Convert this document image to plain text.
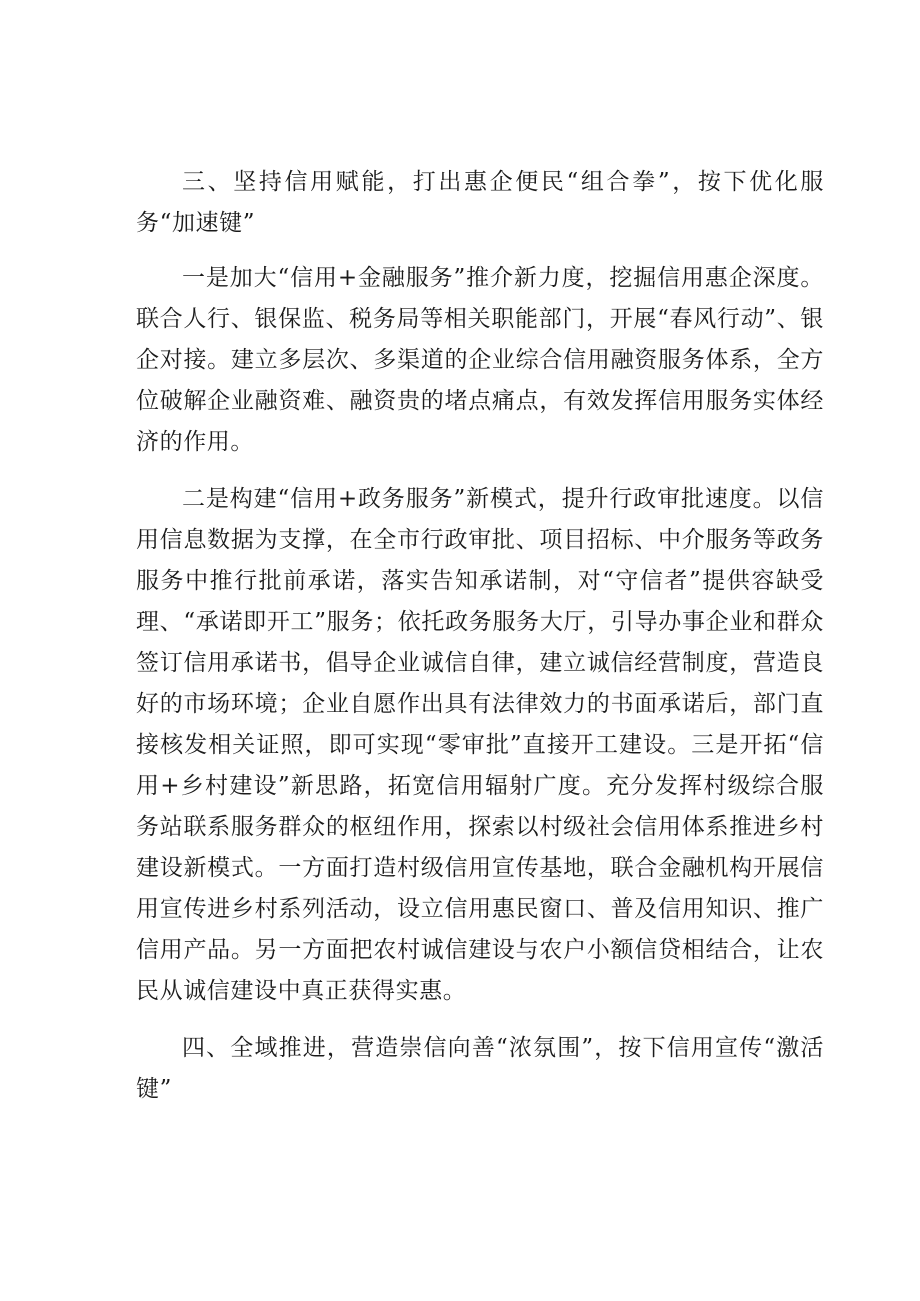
三、坚持信用赋能，打出惠企便民“组合拳”，按下优化服务“加速键”

一是加大“信用+金融服务”推介新力度，挖掘信用惠企深度。联合人行、银保监、税务局等相关职能部门，开展“春风行动”、银企对接。建立多层次、多渠道的企业综合信用融资服务体系，全方位破解企业融资难、融资贵的堵点痛点，有效发挥信用服务实体经济的作用。

二是构建“信用+政务服务”新模式，提升行政审批速度。以信用信息数据为支撑，在全市行政审批、项目招标、中介服务等政务服务中推行批前承诺，落实告知承诺制，对“守信者”提供容缺受理、“承诺即开工”服务；依托政务服务大厅，引导办事企业和群众签订信用承诺书，倡导企业诚信自律，建立诚信经营制度，营造良好的市场环境；企业自愿作出具有法律效力的书面承诺后，部门直接核发相关证照，即可实现“零审批”直接开工建设。三是开拓“信用+乡村建设”新思路，拓宽信用辐射广度。充分发挥村级综合服务站联系服务群众的枢纽作用，探索以村级社会信用体系推进乡村建设新模式。一方面打造村级信用宣传基地，联合金融机构开展信用宣传进乡村系列活动，设立信用惠民窗口、普及信用知识、推广信用产品。另一方面把农村诚信建设与农户小额信贷相结合，让农民从诚信建设中真正获得实惠。

四、全域推进，营造崇信向善“浓氛围”，按下信用宣传“激活键”
